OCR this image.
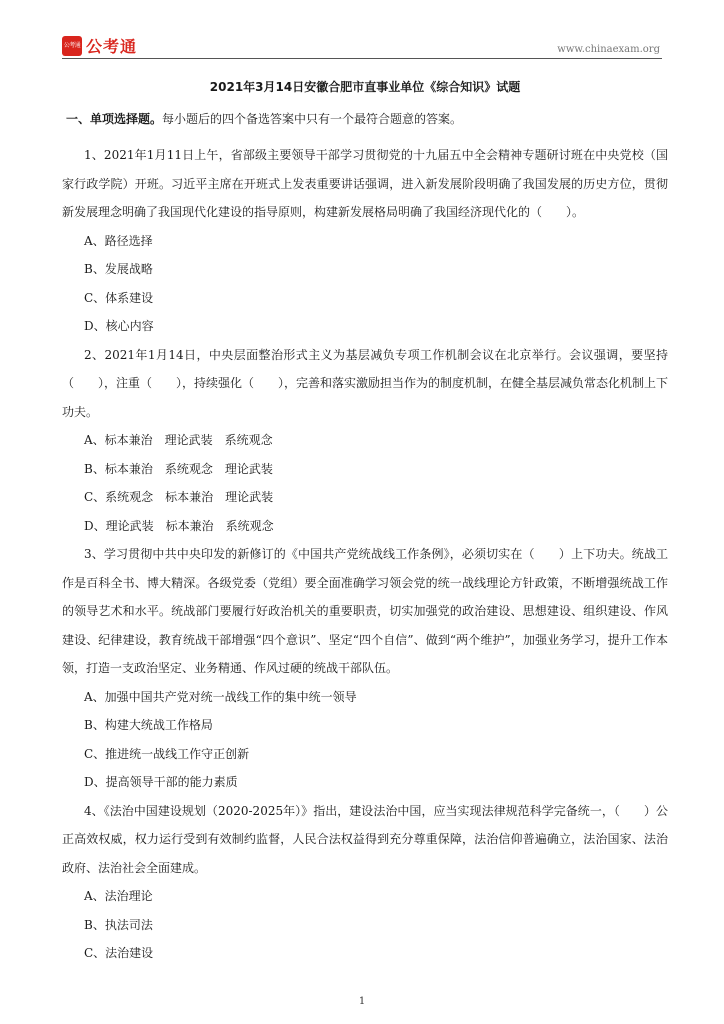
公考通 公考通	www.chinaexam.org
2021年3月14日安徽合肥市直事业单位《综合知识》试题
一、单项选择题。每小题后的四个备选答案中只有一个最符合题意的答案。

1、2021年1月11日上午，省部级主要领导干部学习贯彻党的十九届五中全会精神专题研讨班在中央党校（国家行政学院）开班。习近平主席在开班式上发表重要讲话强调，进入新发展阶段明确了我国发展的历史方位，贯彻新发展理念明确了我国现代化建设的指导原则，构建新发展格局明确了我国经济现代化的（　　）。

A、路径选择

B、发展战略

C、体系建设

D、核心内容

2、2021年1月14日，中央层面整治形式主义为基层减负专项工作机制会议在北京举行。会议强调，要坚持（　　），注重（　　），持续强化（　　），完善和落实激励担当作为的制度机制，在健全基层减负常态化机制上下功夫。

A、标本兼治　理论武装　系统观念

B、标本兼治　系统观念　理论武装

C、系统观念　标本兼治　理论武装

D、理论武装　标本兼治　系统观念

3、学习贯彻中共中央印发的新修订的《中国共产党统战线工作条例》，必须切实在（　　）上下功夫。统战工作是百科全书、博大精深。各级党委（党组）要全面准确学习领会党的统一战线理论方针政策，不断增强统战工作的领导艺术和水平。统战部门要履行好政治机关的重要职责，切实加强党的政治建设、思想建设、组织建设、作风建设、纪律建设，教育统战干部增强“四个意识”、坚定“四个自信”、做到“两个维护”，加强业务学习，提升工作本领，打造一支政治坚定、业务精通、作风过硬的统战干部队伍。

A、加强中国共产党对统一战线工作的集中统一领导

B、构建大统战工作格局

C、推进统一战线工作守正创新

D、提高领导干部的能力素质

4、《法治中国建设规划（2020-2025年）》指出，建设法治中国，应当实现法律规范科学完备统一，（　　）公正高效权威，权力运行受到有效制约监督，人民合法权益得到充分尊重保障，法治信仰普遍确立，法治国家、法治政府、法治社会全面建成。

A、法治理论

B、执法司法

C、法治建设

1
